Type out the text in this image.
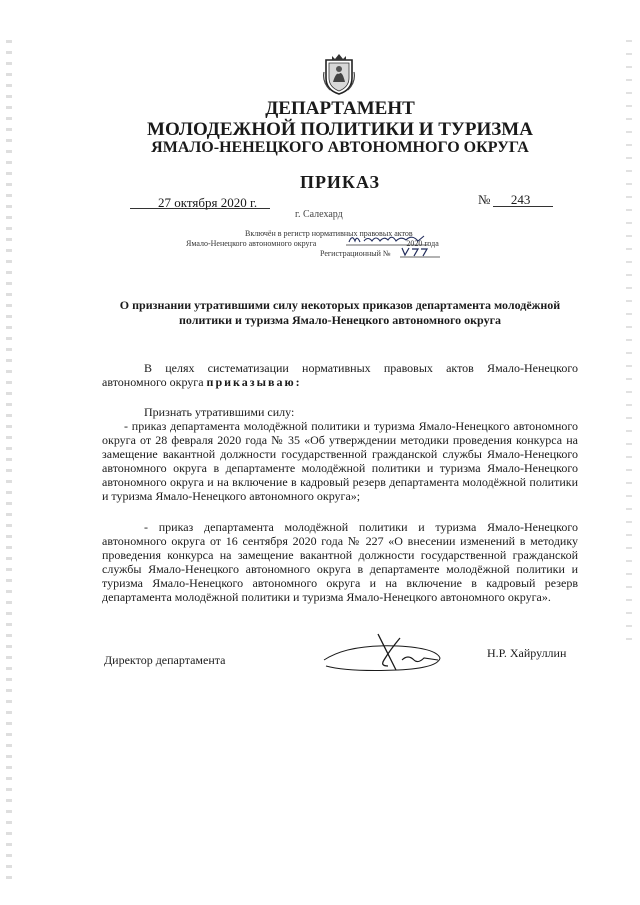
ДЕПАРТАМЕНТ
МОЛОДЕЖНОЙ ПОЛИТИКИ И ТУРИЗМА
ЯМАЛО-НЕНЕЦКОГО АВТОНОМНОГО ОКРУГА
ПРИКАЗ
27 октября 2020 г.	№ 243
г. Салехард
Включён в регистр нормативных правовых актов
Ямало-Ненецкого автономного округа	2020 года
Регистрационный №
О признании утратившими силу некоторых приказов департамента молодёжной политики и туризма Ямало-Ненецкого автономного округа
В целях систематизации нормативных правовых актов Ямало-Ненецкого автономного округа приказываю:
Признать утратившими силу:
- приказ департамента молодёжной политики и туризма Ямало-Ненецкого автономного округа от 28 февраля 2020 года № 35 «Об утверждении методики проведения конкурса на замещение вакантной должности государственной гражданской службы Ямало-Ненецкого автономного округа в департаменте молодёжной политики и туризма Ямало-Ненецкого автономного округа и на включение в кадровый резерв департамента молодёжной политики и туризма Ямало-Ненецкого автономного округа»;
- приказ департамента молодёжной политики и туризма Ямало-Ненецкого автономного округа от 16 сентября 2020 года № 227 «О внесении изменений в методику проведения конкурса на замещение вакантной должности государственной гражданской службы Ямало-Ненецкого автономного округа в департаменте молодёжной политики и туризма Ямало-Ненецкого автономного округа и на включение в кадровый резерв департамента молодёжной политики и туризма Ямало-Ненецкого автономного округа».
Директор департамента	Н.Р. Хайруллин
